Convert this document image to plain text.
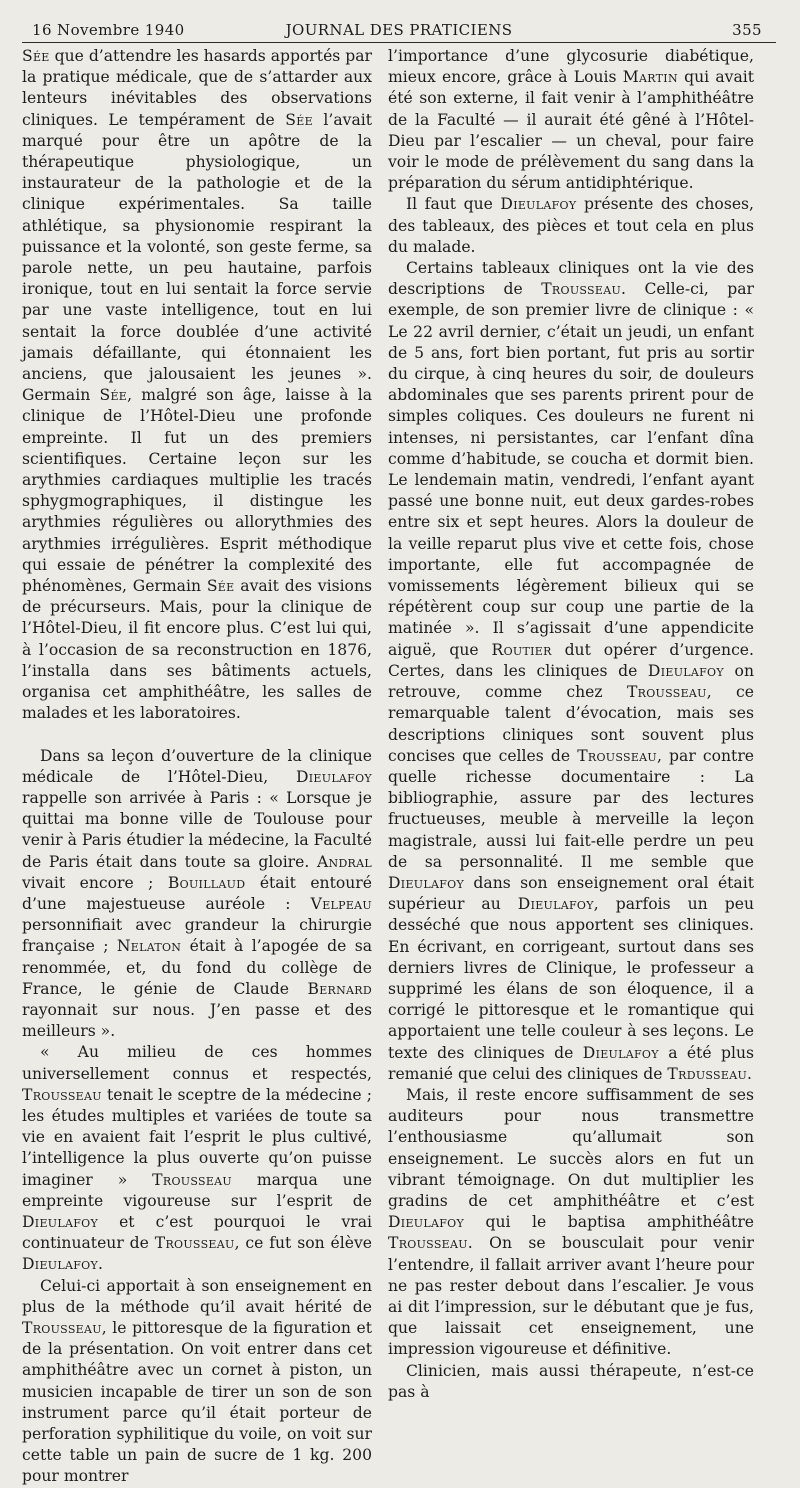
16 Novembre 1940	JOURNAL DES PRATICIENS	355

Sée que d’attendre les hasards apportés par la pratique médicale, que de s’attarder aux lenteurs inévitables des observations cliniques. Le tempérament de Sée l’avait marqué pour être un apôtre de la thérapeutique physiologique, un instaurateur de la pathologie et de la clinique expérimentales. Sa taille athlétique, sa physionomie respirant la puissance et la volonté, son geste ferme, sa parole nette, un peu hautaine, parfois ironique, tout en lui sentait la force servie par une vaste intelligence, tout en lui sentait la force doublée d’une activité jamais défaillante, qui étonnaient les anciens, que jalousaient les jeunes ». Germain Sée, malgré son âge, laisse à la clinique de l’Hôtel-Dieu une profonde empreinte. Il fut un des premiers scientifiques. Certaine leçon sur les arythmies cardiaques multiplie les tracés sphygmographiques, il distingue les arythmies régulières ou allorythmies des arythmies irrégulières. Esprit méthodique qui essaie de pénétrer la complexité des phénomènes, Germain Sée avait des visions de précurseurs. Mais, pour la clinique de l’Hôtel-Dieu, il fit encore plus. C’est lui qui, à l’occasion de sa reconstruction en 1876, l’installa dans ses bâtiments actuels, organisa cet amphithéâtre, les salles de malades et les laboratoires.

Dans sa leçon d’ouverture de la clinique médicale de l’Hôtel-Dieu, Dieulafoy rappelle son arrivée à Paris : « Lorsque je quittai ma bonne ville de Toulouse pour venir à Paris étudier la médecine, la Faculté de Paris était dans toute sa gloire. Andral vivait encore ; Bouillaud était entouré d’une majestueuse auréole : Velpeau personnifiait avec grandeur la chirurgie française ; Nelaton était à l’apogée de sa renommée, et, du fond du collège de France, le génie de Claude Bernard rayonnait sur nous. J’en passe et des meilleurs ».

« Au milieu de ces hommes universellement connus et respectés, Trousseau tenait le sceptre de la médecine ; les études multiples et variées de toute sa vie en avaient fait l’esprit le plus cultivé, l’intelligence la plus ouverte qu’on puisse imaginer » Trousseau marqua une empreinte vigoureuse sur l’esprit de Dieulafoy et c’est pourquoi le vrai continuateur de Trousseau, ce fut son élève Dieulafoy.

Celui-ci apportait à son enseignement en plus de la méthode qu’il avait hérité de Trousseau, le pittoresque de la figuration et de la présentation. On voit entrer dans cet amphithéâtre avec un cornet à piston, un musicien incapable de tirer un son de son instrument parce qu’il était porteur de perforation syphilitique du voile, on voit sur cette table un pain de sucre de 1 kg. 200 pour montrer

l’importance d’une glycosurie diabétique, mieux encore, grâce à Louis Martin qui avait été son externe, il fait venir à l’amphithéâtre de la Faculté — il aurait été gêné à l’Hôtel-Dieu par l’escalier — un cheval, pour faire voir le mode de prélèvement du sang dans la préparation du sérum antidiphtérique.

Il faut que Dieulafoy présente des choses, des tableaux, des pièces et tout cela en plus du malade.

Certains tableaux cliniques ont la vie des descriptions de Trousseau. Celle-ci, par exemple, de son premier livre de clinique : « Le 22 avril dernier, c’était un jeudi, un enfant de 5 ans, fort bien portant, fut pris au sortir du cirque, à cinq heures du soir, de douleurs abdominales que ses parents prirent pour de simples coliques. Ces douleurs ne furent ni intenses, ni persistantes, car l’enfant dîna comme d’habitude, se coucha et dormit bien. Le lendemain matin, vendredi, l’enfant ayant passé une bonne nuit, eut deux gardes-robes entre six et sept heures. Alors la douleur de la veille reparut plus vive et cette fois, chose importante, elle fut accompagnée de vomissements légèrement bilieux qui se répétèrent coup sur coup une partie de la matinée ». Il s’agissait d’une appendicite aiguë, que Routier dut opérer d’urgence. Certes, dans les cliniques de Dieulafoy on retrouve, comme chez Trousseau, ce remarquable talent d’évocation, mais ses descriptions cliniques sont souvent plus concises que celles de Trousseau, par contre quelle richesse documentaire : La bibliographie, assure par des lectures fructueuses, meuble à merveille la leçon magistrale, aussi lui fait-elle perdre un peu de sa personnalité. Il me semble que Dieulafoy dans son enseignement oral était supérieur au Dieulafoy, parfois un peu desséché que nous apportent ses cliniques. En écrivant, en corrigeant, surtout dans ses derniers livres de Clinique, le professeur a supprimé les élans de son éloquence, il a corrigé le pittoresque et le romantique qui apportaient une telle couleur à ses leçons. Le texte des cliniques de Dieulafoy a été plus remanié que celui des cliniques de Trdusseau.

Mais, il reste encore suffisamment de ses auditeurs pour nous transmettre l’enthousiasme qu’allumait son enseignement. Le succès alors en fut un vibrant témoignage. On dut multiplier les gradins de cet amphithéâtre et c’est Dieulafoy qui le baptisa amphithéâtre Trousseau. On se bousculait pour venir l’entendre, il fallait arriver avant l’heure pour ne pas rester debout dans l’escalier. Je vous ai dit l’impression, sur le débutant que je fus, que laissait cet enseignement, une impression vigoureuse et définitive.

Clinicien, mais aussi thérapeute, n’est-ce pas à
